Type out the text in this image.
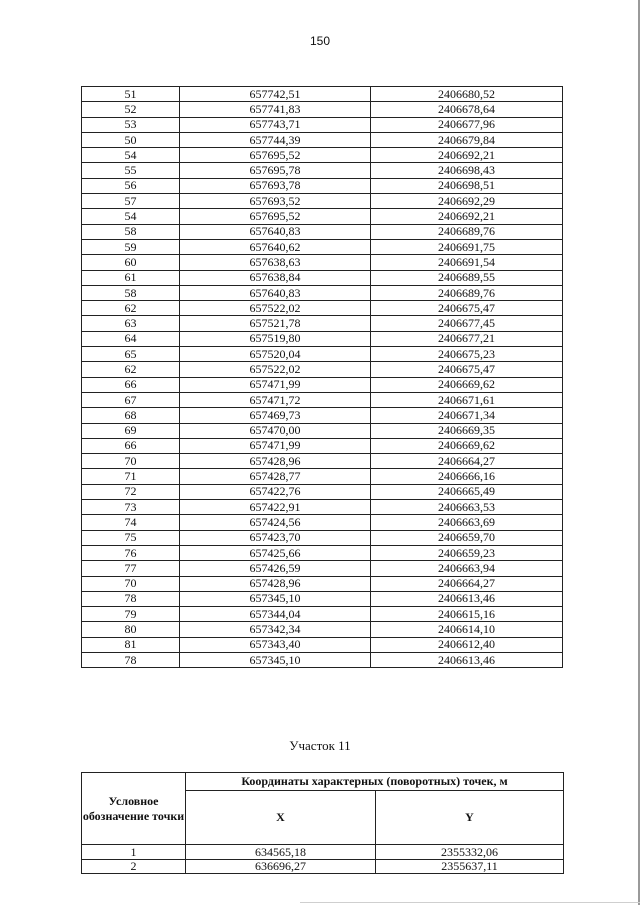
150
51	657742,51	2406680,52
52	657741,83	2406678,64
53	657743,71	2406677,96
50	657744,39	2406679,84
54	657695,52	2406692,21
55	657695,78	2406698,43
56	657693,78	2406698,51
57	657693,52	2406692,29
54	657695,52	2406692,21
58	657640,83	2406689,76
59	657640,62	2406691,75
60	657638,63	2406691,54
61	657638,84	2406689,55
58	657640,83	2406689,76
62	657522,02	2406675,47
63	657521,78	2406677,45
64	657519,80	2406677,21
65	657520,04	2406675,23
62	657522,02	2406675,47
66	657471,99	2406669,62
67	657471,72	2406671,61
68	657469,73	2406671,34
69	657470,00	2406669,35
66	657471,99	2406669,62
70	657428,96	2406664,27
71	657428,77	2406666,16
72	657422,76	2406665,49
73	657422,91	2406663,53
74	657424,56	2406663,69
75	657423,70	2406659,70
76	657425,66	2406659,23
77	657426,59	2406663,94
70	657428,96	2406664,27
78	657345,10	2406613,46
79	657344,04	2406615,16
80	657342,34	2406614,10
81	657343,40	2406612,40
78	657345,10	2406613,46
Участок 11
Условное обозначение точки	Координаты характерных (поворотных) точек, м	
	X	Y
1	634565,18	2355332,06
2	636696,27	2355637,11
